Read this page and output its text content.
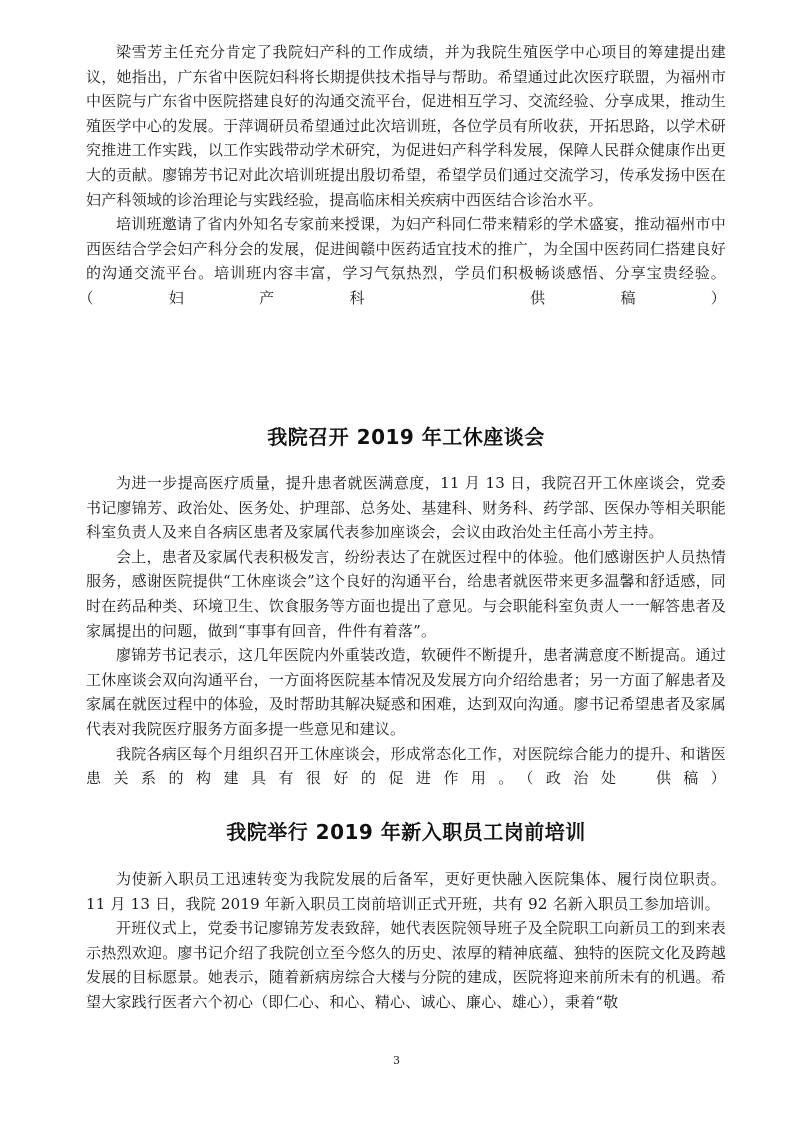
梁雪芳主任充分肯定了我院妇产科的工作成绩，并为我院生殖医学中心项目的筹建提出建议，她指出，广东省中医院妇科将长期提供技术指导与帮助。希望通过此次医疗联盟，为福州市中医院与广东省中医院搭建良好的沟通交流平台，促进相互学习、交流经验、分享成果，推动生殖医学中心的发展。于萍调研员希望通过此次培训班，各位学员有所收获，开拓思路，以学术研究推进工作实践，以工作实践带动学术研究，为促进妇产科学科发展，保障人民群众健康作出更大的贡献。廖锦芳书记对此次培训班提出殷切希望，希望学员们通过交流学习，传承发扬中医在妇产科领域的诊治理论与实践经验，提高临床相关疾病中西医结合诊治水平。

培训班邀请了省内外知名专家前来授课，为妇产科同仁带来精彩的学术盛宴，推动福州市中西医结合学会妇产科分会的发展，促进闽赣中医药适宜技术的推广，为全国中医药同仁搭建良好的沟通交流平台。培训班内容丰富，学习气氛热烈，学员们积极畅谈感悟、分享宝贵经验。（妇产科　供稿）

我院召开 2019 年工休座谈会

为进一步提高医疗质量，提升患者就医满意度，11 月 13 日，我院召开工休座谈会，党委书记廖锦芳、政治处、医务处、护理部、总务处、基建科、财务科、药学部、医保办等相关职能科室负责人及来自各病区患者及家属代表参加座谈会，会议由政治处主任高小芳主持。

会上，患者及家属代表积极发言，纷纷表达了在就医过程中的体验。他们感谢医护人员热情服务，感谢医院提供“工休座谈会”这个良好的沟通平台，给患者就医带来更多温馨和舒适感，同时在药品种类、环境卫生、饮食服务等方面也提出了意见。与会职能科室负责人一一解答患者及家属提出的问题，做到“事事有回音，件件有着落”。

廖锦芳书记表示，这几年医院内外重装改造，软硬件不断提升，患者满意度不断提高。通过工休座谈会双向沟通平台，一方面将医院基本情况及发展方向介绍给患者；另一方面了解患者及家属在就医过程中的体验，及时帮助其解决疑惑和困难，达到双向沟通。廖书记希望患者及家属代表对我院医疗服务方面多提一些意见和建议。

我院各病区每个月组织召开工休座谈会，形成常态化工作，对医院综合能力的提升、和谐医患关系的构建具有很好的促进作用。（政治处　供稿）

我院举行 2019 年新入职员工岗前培训

为使新入职员工迅速转变为我院发展的后备军，更好更快融入医院集体、履行岗位职责。11 月 13 日，我院 2019 年新入职员工岗前培训正式开班，共有 92 名新入职员工参加培训。

开班仪式上，党委书记廖锦芳发表致辞，她代表医院领导班子及全院职工向新员工的到来表示热烈欢迎。廖书记介绍了我院创立至今悠久的历史、浓厚的精神底蕴、独特的医院文化及跨越发展的目标愿景。她表示，随着新病房综合大楼与分院的建成，医院将迎来前所未有的机遇。希望大家践行医者六个初心（即仁心、和心、精心、诚心、廉心、雄心），秉着“敬

3
